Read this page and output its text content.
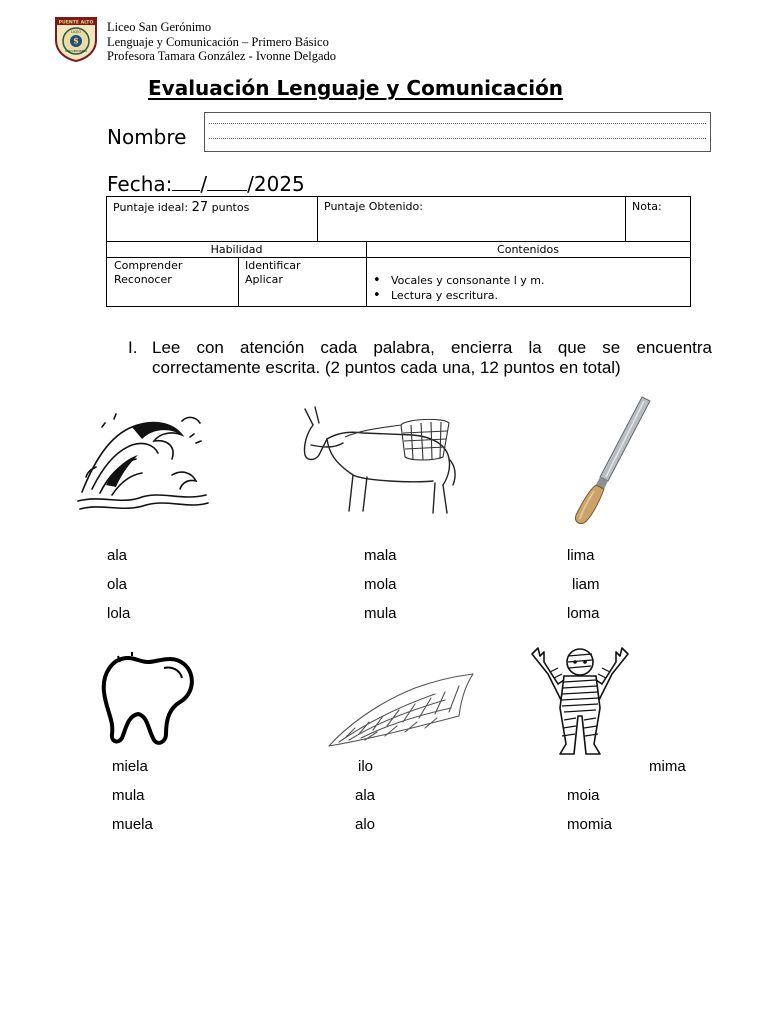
PUENTE ALTO
$
LICEO
SAN GERÓNIMO
Liceo San Gerónimo
Lenguaje y Comunicación – Primero Básico
Profesora Tamara González - Ivonne Delgado
Evaluación Lenguaje y Comunicación
Nombre
Fecha: / /2025
Puntaje ideal: 27 puntos	Puntaje Obtenido:	Nota:
Habilidad	Contenidos
Comprender
Reconocer
Identificar
Aplicar
•	Vocales y consonante l y m.
• Lectura y escritura.
I. Lee con atención cada palabra, encierra la que se encuentra correctamente escrita. (2 puntos cada una, 12 puntos en total)
ala
ola
lola
mala
mola
mula
lima
liam
loma
miela
mula
muela
ilo
ala
alo
mima
moia
momia
